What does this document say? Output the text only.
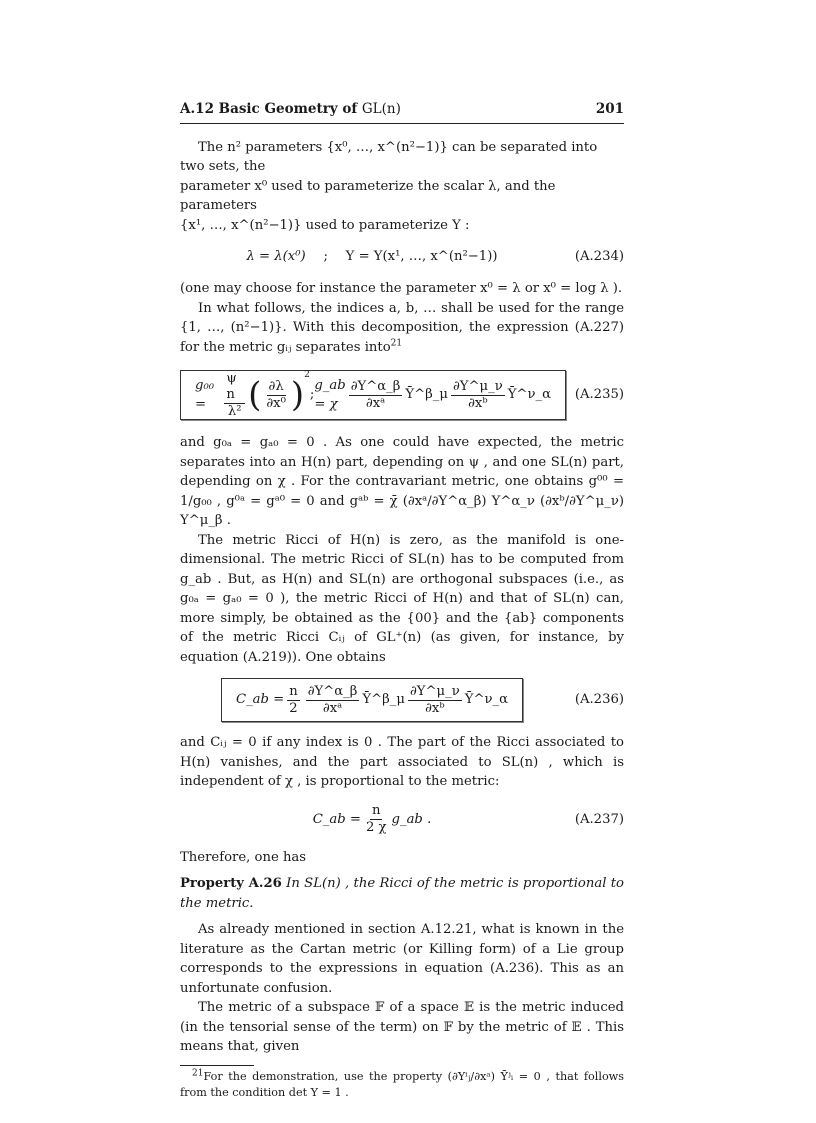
A.12 Basic Geometry of GL(n)	201

The n² parameters {x⁰, …, x^(n²−1)} can be separated into two sets, the
parameter x⁰ used to parameterize the scalar λ, and the parameters
{x¹, …, x^(n²−1)} used to parameterize Y :

λ = λ(x⁰)	;	Y = Y(x¹, …, x^(n²−1))	(A.234)

(one may choose for instance the parameter x⁰ = λ or x⁰ = log λ ).

In what follows, the indices a, b, … shall be used for the range {1, …, (n²−1)}. With this decomposition, the expression (A.227) for the metric gᵢⱼ separates into$^{21}$

g₀₀ =	$\frac{\text{ψ n}}{\text{λ²}}$ ( $\frac{\partial\lambda}{\text{∂x⁰}}$ )
2
;
g_ab = χ $\frac{\partial\Upsilon\^{}\alpha\_\beta}{\text{∂xᵃ}}$ Ῡ^β_μ $\frac{\partial\Upsilon\^{}\mu\_\nu}{\text{∂xᵇ}}$ Ῡ^ν_α	(A.235)

and g₀ₐ = gₐ₀ = 0 . As one could have expected, the metric separates into an H(n) part, depending on ψ , and one SL(n) part, depending on χ . For the contravariant metric, one obtains g⁰⁰ = 1/g₀₀ , g⁰ᵃ = gᵃ⁰ = 0 and gᵃᵇ = χ̄ (∂xᵃ/∂Υ^α_β) Υ^α_ν (∂xᵇ/∂Υ^μ_ν) Υ^μ_β .

The metric Ricci of H(n) is zero, as the manifold is one-dimensional. The metric Ricci of SL(n) has to be computed from g_ab . But, as H(n) and SL(n) are orthogonal subspaces (i.e., as g₀ₐ = gₐ₀ = 0 ), the metric Ricci of H(n) and that of SL(n) can, more simply, be obtained as the {00} and the {ab} components of the metric Ricci Cᵢⱼ of GL⁺(n) (as given, for instance, by equation (A.219)). One obtains

C_ab = $\frac{n}{2} \frac{\partial\Upsilon\^{}\alpha\_\beta}{\text{∂xᵃ}}$ Ῡ^β_μ $\frac{\partial\Upsilon\^{}\mu\_\nu}{\text{∂xᵇ}}$ Ῡ^ν_α	(A.236)

and Cᵢⱼ = 0 if any index is 0 . The part of the Ricci associated to H(n) vanishes, and the part associated to SL(n) , which is independent of χ , is proportional to the metric:

C_ab = $\frac{n}{2 \chi}$ g_ab .	(A.237)

Therefore, one has

Property A.26 In SL(n) , the Ricci of the metric is proportional to the metric.

As already mentioned in section A.12.21, what is known in the literature as the Cartan metric (or Killing form) of a Lie group corresponds to the expressions in equation (A.236). This as an unfortunate confusion.

The metric of a subspace 𝔽 of a space 𝔼 is the metric induced (in the tensorial sense of the term) on 𝔽 by the metric of 𝔼 . This means that, given

$^{21}$For the demonstration, use the property (∂Υⁱⱼ/∂xᵃ) Ῡʲᵢ = 0 , that follows from the condition det Y = 1 .
